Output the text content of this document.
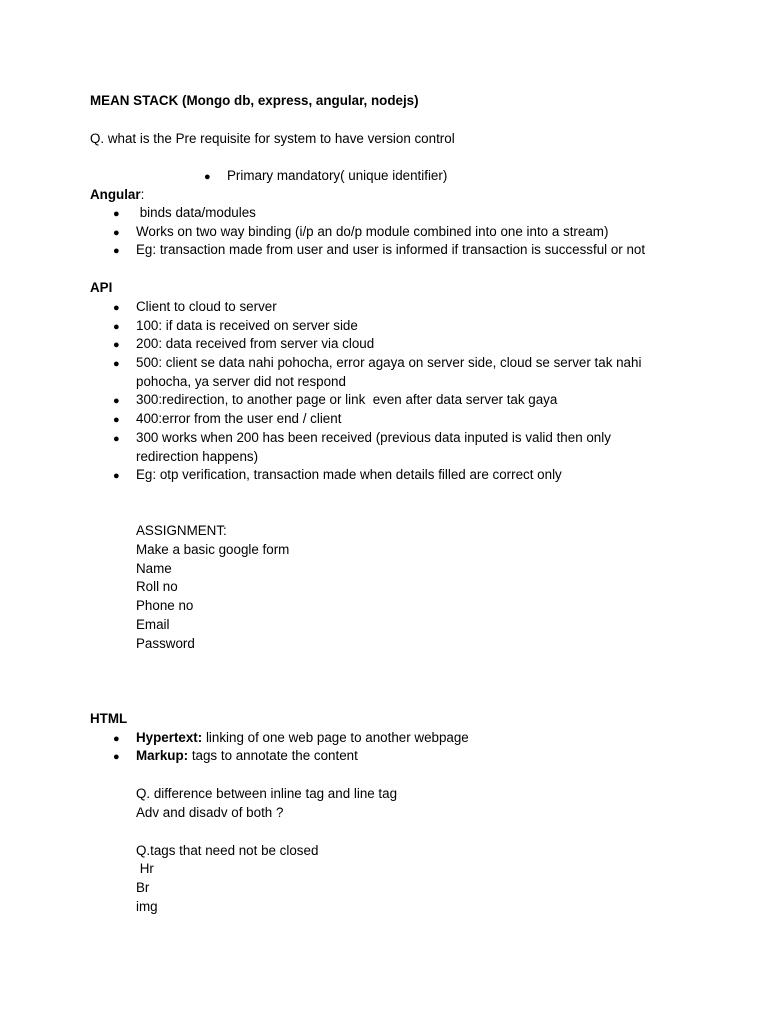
MEAN STACK (Mongo db, express, angular, nodejs)
Q. what is the Pre requisite for system to have version control
● Primary mandatory( unique identifier)
Angular:
● binds data/modules
● Works on two way binding (i/p an do/p module combined into one into a stream)
● Eg: transaction made from user and user is informed if transaction is successful or not
API
● Client to cloud to server
● 100: if data is received on server side
● 200: data received from server via cloud
● 500: client se data nahi pohocha, error agaya on server side, cloud se server tak nahi
pohocha, ya server did not respond
● 300:redirection, to another page or link  even after data server tak gaya
● 400:error from the user end / client
● 300 works when 200 has been received (previous data inputed is valid then only
redirection happens)
● Eg: otp verification, transaction made when details filled are correct only
ASSIGNMENT:
Make a basic google form
Name
Roll no
Phone no
Email
Password
HTML
● Hypertext: linking of one web page to another webpage
● Markup: tags to annotate the content
Q. difference between inline tag and line tag
Adv and disadv of both ?
Q.tags that need not be closed
Hr
Br
img
